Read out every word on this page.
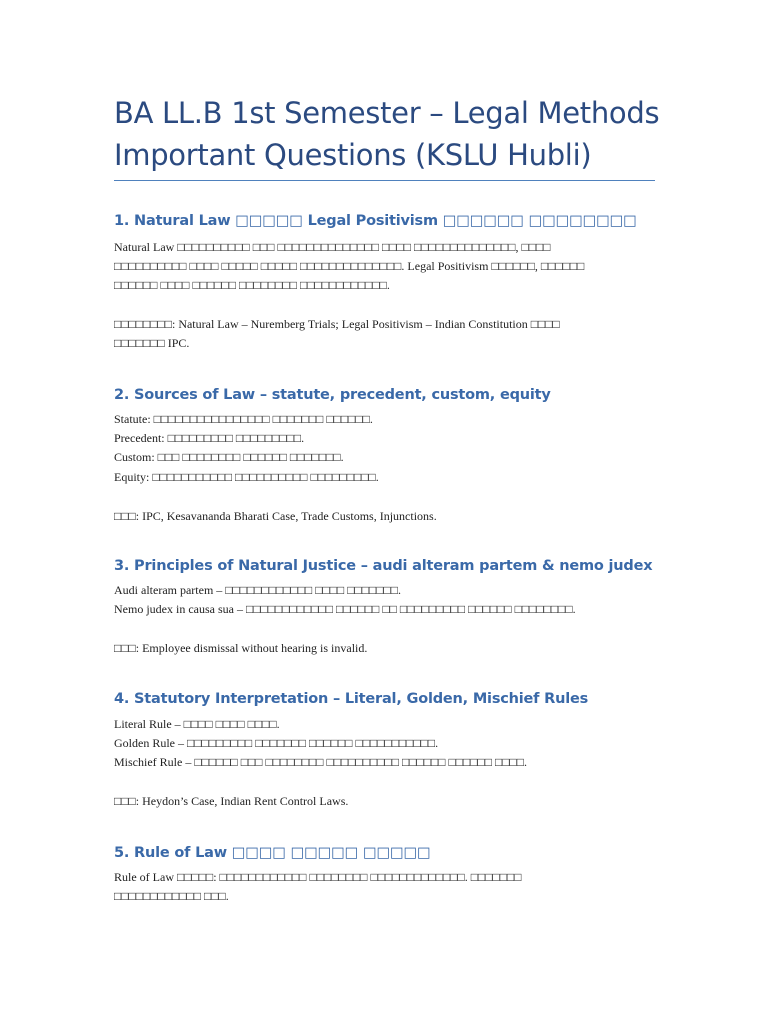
BA LL.B 1st Semester – Legal Methods
Important Questions (KSLU Hubli)
1. Natural Law □□□□□ Legal Positivism □□□□□□ □□□□□□□□
Natural Law □□□□□□□□□□ □□□ □□□□□□□□□□□□□□ □□□□ □□□□□□□□□□□□□□, □□□□
□□□□□□□□□□ □□□□ □□□□□ □□□□□ □□□□□□□□□□□□□□. Legal Positivism □□□□□□, □□□□□□
□□□□□□ □□□□ □□□□□□ □□□□□□□□ □□□□□□□□□□□□.
□□□□□□□□: Natural Law – Nuremberg Trials; Legal Positivism – Indian Constitution □□□□
□□□□□□□ IPC.
2. Sources of Law – statute, precedent, custom, equity
Statute: □□□□□□□□□□□□□□□□ □□□□□□□ □□□□□□.
Precedent: □□□□□□□□□ □□□□□□□□□.
Custom: □□□ □□□□□□□□ □□□□□□ □□□□□□□.
Equity: □□□□□□□□□□□ □□□□□□□□□□ □□□□□□□□□.
□□□: IPC, Kesavananda Bharati Case, Trade Customs, Injunctions.
3. Principles of Natural Justice – audi alteram partem & nemo judex
Audi alteram partem – □□□□□□□□□□□□ □□□□ □□□□□□□.
Nemo judex in causa sua – □□□□□□□□□□□□ □□□□□□ □□ □□□□□□□□□ □□□□□□ □□□□□□□□.
□□□: Employee dismissal without hearing is invalid.
4. Statutory Interpretation – Literal, Golden, Mischief Rules
Literal Rule – □□□□ □□□□ □□□□.
Golden Rule – □□□□□□□□□ □□□□□□□ □□□□□□ □□□□□□□□□□□.
Mischief Rule – □□□□□□ □□□ □□□□□□□□ □□□□□□□□□□ □□□□□□ □□□□□□ □□□□.
□□□: Heydon’s Case, Indian Rent Control Laws.
5. Rule of Law □□□□ □□□□□ □□□□□
Rule of Law □□□□□: □□□□□□□□□□□□ □□□□□□□□ □□□□□□□□□□□□□. □□□□□□□
□□□□□□□□□□□□ □□□.
